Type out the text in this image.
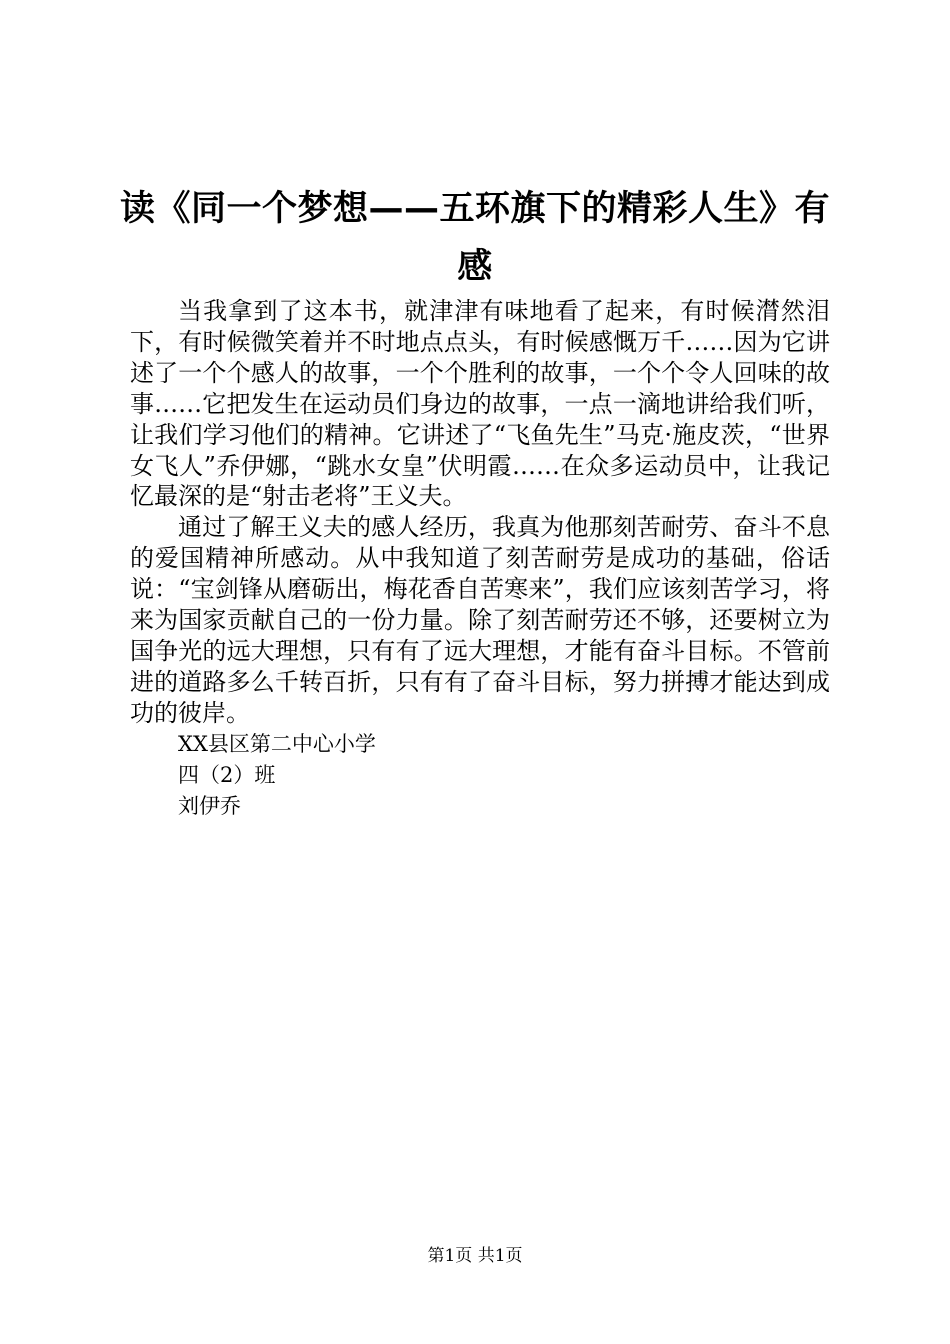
读《同一个梦想——五环旗下的精彩人生》有感

当我拿到了这本书，就津津有味地看了起来，有时候潸然泪下，有时候微笑着并不时地点点头，有时候感慨万千……因为它讲述了一个个感人的故事，一个个胜利的故事，一个个令人回味的故事……它把发生在运动员们身边的故事，一点一滴地讲给我们听，让我们学习他们的精神。它讲述了“飞鱼先生”马克·施皮茨，“世界女飞人”乔伊娜，“跳水女皇”伏明霞……在众多运动员中，让我记忆最深的是“射击老将”王义夫。

通过了解王义夫的感人经历，我真为他那刻苦耐劳、奋斗不息的爱国精神所感动。从中我知道了刻苦耐劳是成功的基础，俗话说：“宝剑锋从磨砺出，梅花香自苦寒来”，我们应该刻苦学习，将来为国家贡献自己的一份力量。除了刻苦耐劳还不够，还要树立为国争光的远大理想，只有有了远大理想，才能有奋斗目标。不管前进的道路多么千转百折，只有有了奋斗目标，努力拼搏才能达到成功的彼岸。

XX县区第二中心小学

四（2）班

刘伊乔

第1页 共1页
